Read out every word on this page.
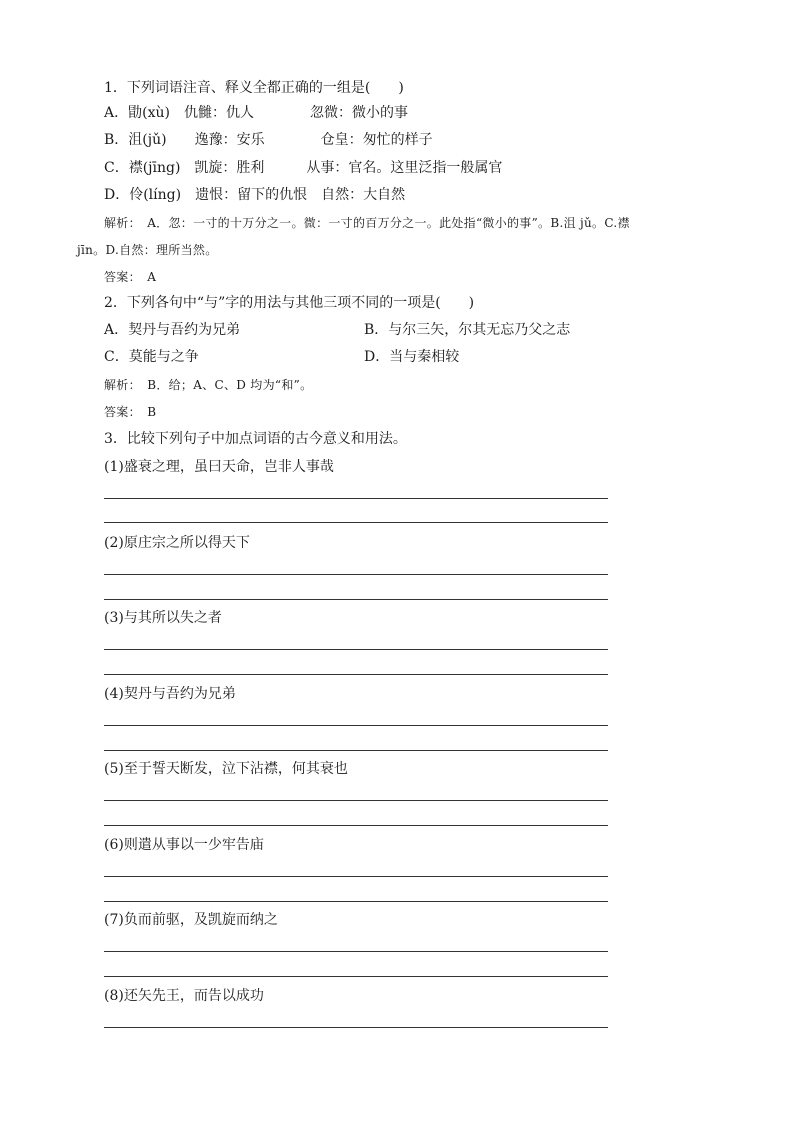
1．下列词语注音、释义全都正确的一组是(　　)
A．勖(xù)　仇雠：仇人　　　　忽微：微小的事
B．沮(jǔ)　　逸豫：安乐　　　　仓皇：匆忙的样子
C．襟(jīng)　凯旋：胜利　　　从事：官名。这里泛指一般属官
D．伶(líng)　遗恨：留下的仇恨　自然：大自然
解析：　A．忽：一寸的十万分之一。微：一寸的百万分之一。此处指“微小的事”。B.沮 jǔ。C.襟
jīn。D.自然：理所当然。
答案：　A
2．下列各句中“与”字的用法与其他三项不同的一项是(　　)
A．契丹与吾约为兄弟	B．与尔三矢，尔其无忘乃父之志
C．莫能与之争	D．当与秦相较
解析：　B．给；A、C、D 均为“和”。
答案：　B
3．比较下列句子中加点词语的古今意义和用法。
(1)盛衰之理，虽曰天命，岂非人事哉
(2)原庄宗之所以得天下
(3)与其所以失之者
(4)契丹与吾约为兄弟
(5)至于誓天断发，泣下沾襟，何其衰也
(6)则遣从事以一少牢告庙
(7)负而前驱，及凯旋而纳之
(8)还矢先王，而告以成功
